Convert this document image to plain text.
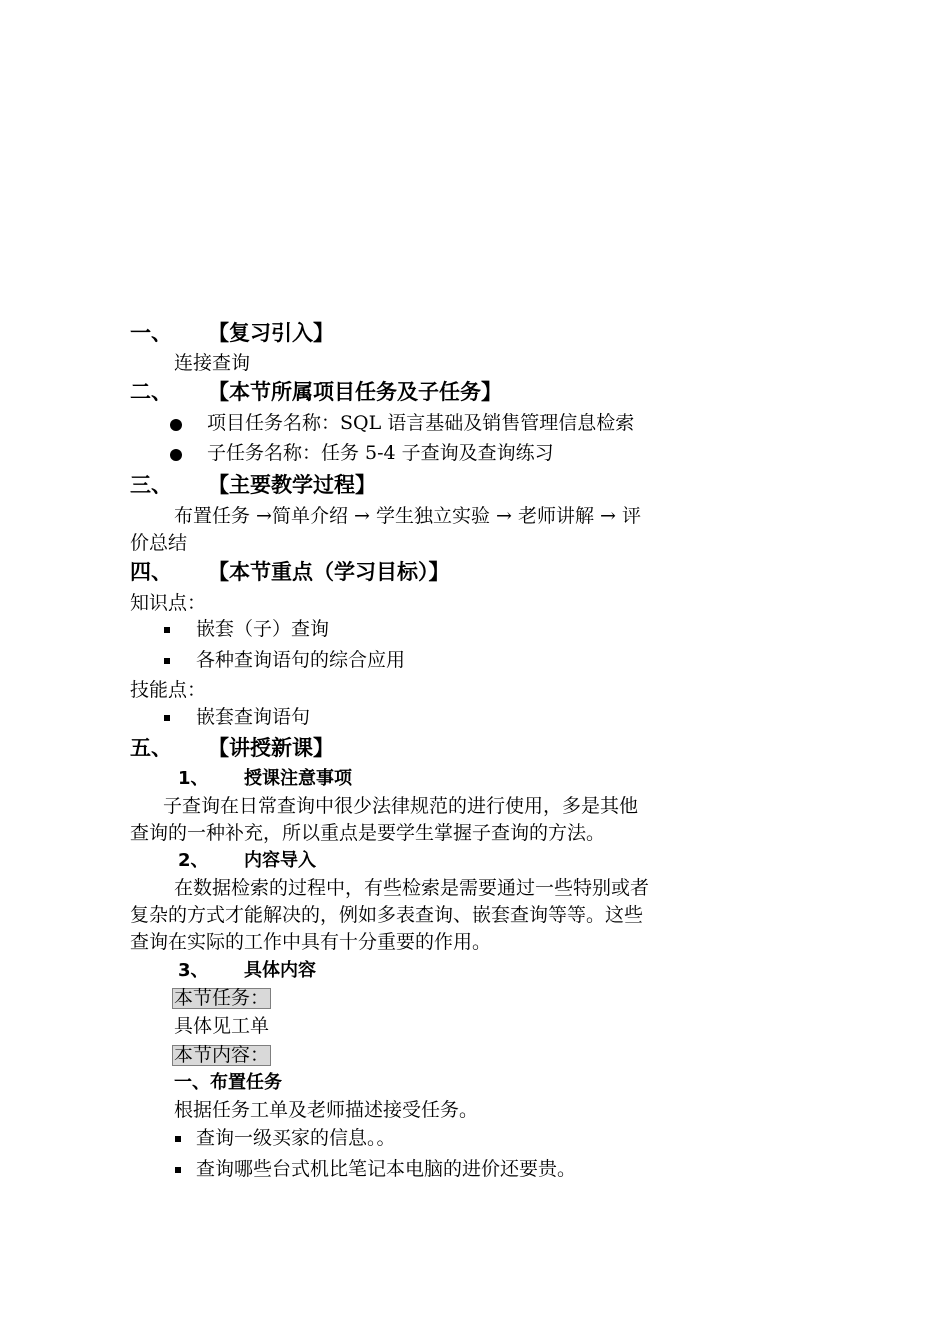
一、 【复习引入】
连接查询
二、 【本节所属项目任务及子任务】
项目任务名称：SQL 语言基础及销售管理信息检索
子任务名称：任务 5-4 子查询及查询练习
三、 【主要教学过程】
布置任务 →简单介绍 → 学生独立实验 → 老师讲解 → 评
价总结
四、 【本节重点（学习目标）】
知识点：
嵌套（子）查询
各种查询语句的综合应用
技能点：
嵌套查询语句
五、 【讲授新课】
1、 授课注意事项
子查询在日常查询中很少法律规范的进行使用，多是其他
查询的一种补充，所以重点是要学生掌握子查询的方法。
2、 内容导入
在数据检索的过程中，有些检索是需要通过一些特别或者
复杂的方式才能解决的，例如多表查询、嵌套查询等等。这些
查询在实际的工作中具有十分重要的作用。
3、 具体内容
本节任务：
具体见工单
本节内容：
一、布置任务
根据任务工单及老师描述接受任务。
查询一级买家的信息。。
查询哪些台式机比笔记本电脑的进价还要贵。
